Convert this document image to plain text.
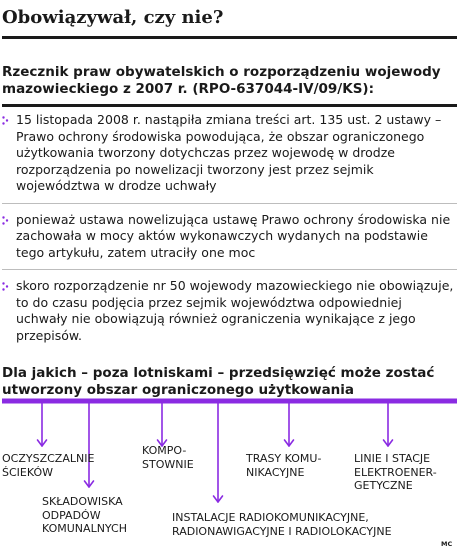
Obowiązywał, czy nie?
Rzecznik praw obywatelskich o rozporządzeniu wojewody mazowieckiego z 2007 r. (RPO-637044-IV/09/KS):
15 listopada 2008 r. nastąpiła zmiana treści art. 135 ust. 2 ustawy – Prawo ochrony środowiska powodująca, że obszar ograniczonego użytkowania tworzony dotychczas przez wojewodę w drodze rozporządzenia po nowelizacji tworzony jest przez sejmik województwa w drodze uchwały
ponieważ ustawa nowelizująca ustawę Prawo ochrony środowiska nie zachowała w mocy aktów wykonawczych wydanych na podstawie tego artykułu, zatem utraciły one moc
skoro rozporządzenie nr 50 wojewody mazowieckiego nie obowiązuje, to do czasu podjęcia przez sejmik województwa odpowiedniej uchwały nie obowiązują również ograniczenia wynikające z jego przepisów.
Dla jakich – poza lotniskami – przedsięwzięć może zostać utworzony obszar ograniczonego użytkowania
OCZYSZCZALNIE ŚCIEKÓW
SKŁADOWISKA ODPADÓW KOMUNALNYCH
KOMPO-STOWNIE
INSTALACJE RADIOKOMUNIKACYJNE, RADIONAWIGACYJNE I RADIOLOKACYJNE
TRASY KOMU-NIKACYJNE
LINIE I STACJE ELEKTROENER-GETYCZNE
MC
